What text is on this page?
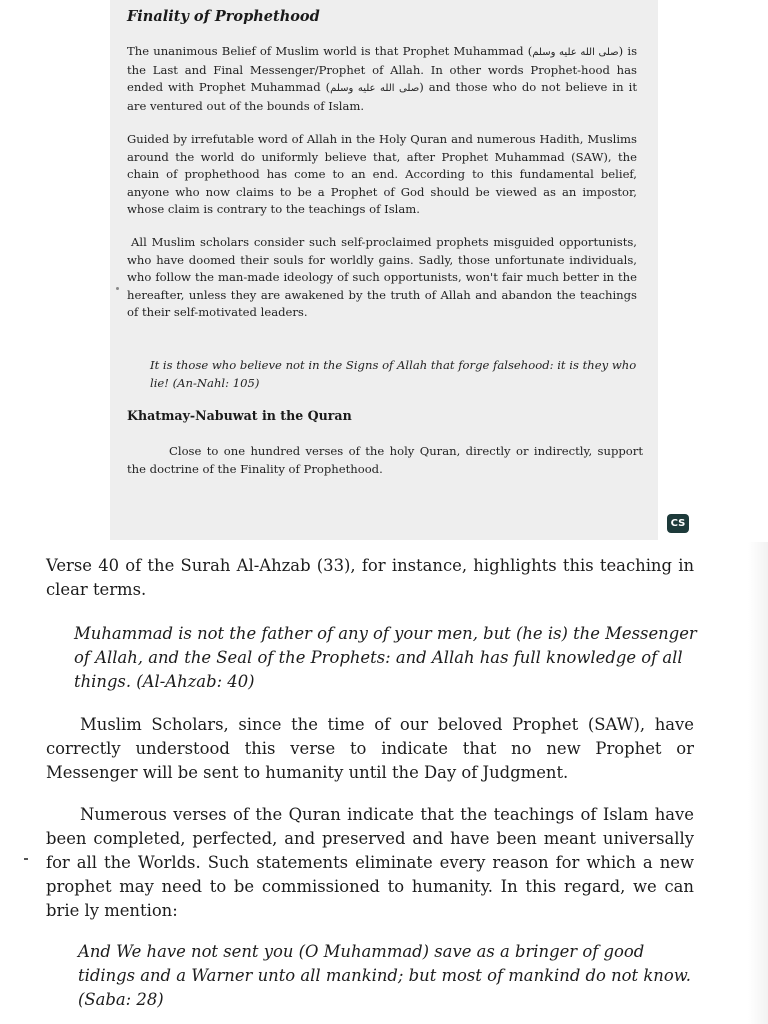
Finality of Prophethood

The unanimous Belief of Muslim world is that Prophet Muhammad (صلى الله عليه وسلم) is the Last and Final Messenger/Prophet of Allah. In other words Prophet-hood has ended with Prophet Muhammad (صلى الله عليه وسلم) and those who do not believe in it are ventured out of the bounds of Islam.

Guided by irrefutable word of Allah in the Holy Quran and numerous Hadith, Muslims around the world do uniformly believe that, after Prophet Muhammad (SAW), the chain of prophethood has come to an end. According to this fundamental belief, anyone who now claims to be a Prophet of God should be viewed as an impostor, whose claim is contrary to the teachings of Islam.

All Muslim scholars consider such self-proclaimed prophets misguided opportunists, who have doomed their souls for worldly gains. Sadly, those unfortunate individuals, who follow the man-made ideology of such opportunists, won't fair much better in the hereafter, unless they are awakened by the truth of Allah and abandon the teachings of their self-motivated leaders.

It is those who believe not in the Signs of Allah that forge falsehood: it is they who lie! (An-Nahl: 105)

Khatmay-Nabuwat in the Quran

Close to one hundred verses of the holy Quran, directly or indirectly, support the doctrine of the Finality of Prophethood.

CS

Verse 40 of the Surah Al-Ahzab (33), for instance, highlights this teaching in clear terms.

Muhammad is not the father of any of your men, but (he is) the Messenger of Allah, and the Seal of the Prophets: and Allah has full knowledge of all things. (Al-Ahzab: 40)

Muslim Scholars, since the time of our beloved Prophet (SAW), have correctly understood this verse to indicate that no new Prophet or Messenger will be sent to humanity until the Day of Judgment.

Numerous verses of the Quran indicate that the teachings of Islam have been completed, perfected, and preserved and have been meant universally for all the Worlds. Such statements eliminate every reason for which a new prophet may need to be commissioned to humanity. In this regard, we can brie ly mention:

And We have not sent you (O Muhammad) save as a bringer of good tidings and a Warner unto all mankind; but most of mankind do not know. (Saba: 28)
